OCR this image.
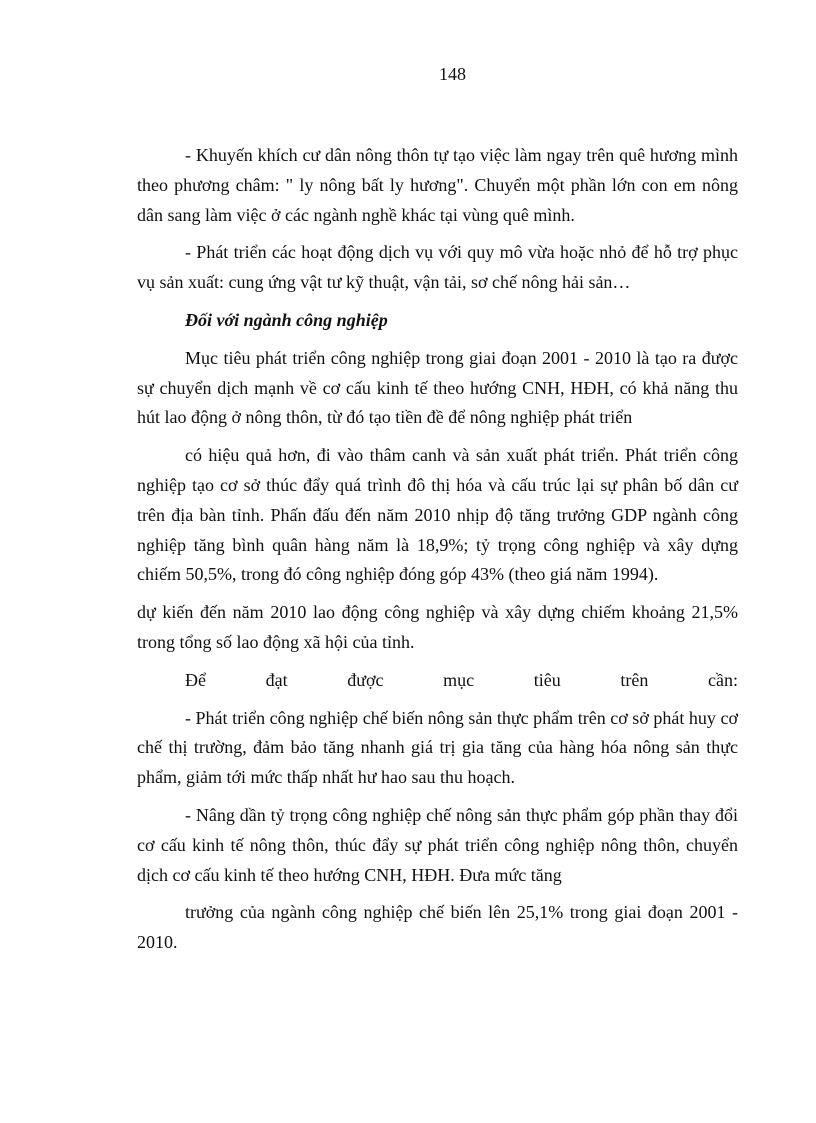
148

- Khuyến khích cư dân nông thôn tự tạo việc làm ngay trên quê hương mình theo phương châm: " ly nông bất ly hương". Chuyển một phần lớn con em nông dân sang làm việc ở các ngành nghề khác tại vùng quê mình.

- Phát triển các hoạt động dịch vụ với quy mô vừa hoặc nhỏ để hỗ trợ phục vụ sản xuất: cung ứng vật tư kỹ thuật, vận tải, sơ chế nông hải sản…

Đối với ngành công nghiệp

Mục tiêu phát triển công nghiệp trong giai đoạn 2001 - 2010 là tạo ra được sự chuyển dịch mạnh về cơ cấu kinh tế theo hướng CNH, HĐH, có khả năng thu hút lao động ở nông thôn, từ đó tạo tiền đề để nông nghiệp phát triển

có hiệu quả hơn, đi vào thâm canh và sản xuất phát triển. Phát triển công nghiệp tạo cơ sở thúc đẩy quá trình đô thị hóa và cấu trúc lại sự phân bố dân cư trên địa bàn tỉnh. Phấn đấu đến năm 2010 nhịp độ tăng trưởng GDP ngành công nghiệp tăng bình quân hàng năm là 18,9%; tỷ trọng công nghiệp và xây dựng chiếm 50,5%, trong đó công nghiệp đóng góp 43% (theo giá năm 1994).

dự kiến đến năm 2010 lao động công nghiệp và xây dựng chiếm khoảng 21,5% trong tổng số lao động xã hội của tỉnh.

Để đạt được mục tiêu trên cần:

- Phát triển công nghiệp chế biến nông sản thực phẩm trên cơ sở phát huy cơ chế thị trường, đảm bảo tăng nhanh giá trị gia tăng của hàng hóa nông sản thực phẩm, giảm tới mức thấp nhất hư hao sau thu hoạch.

- Nâng dần tỷ trọng công nghiệp chế nông sản thực phẩm góp phần thay đổi cơ cấu kinh tế nông thôn, thúc đẩy sự phát triển công nghiệp nông thôn, chuyển dịch cơ cấu kinh tế theo hướng CNH, HĐH. Đưa mức tăng

trưởng của ngành công nghiệp chế biến lên 25,1% trong giai đoạn 2001 - 2010.
